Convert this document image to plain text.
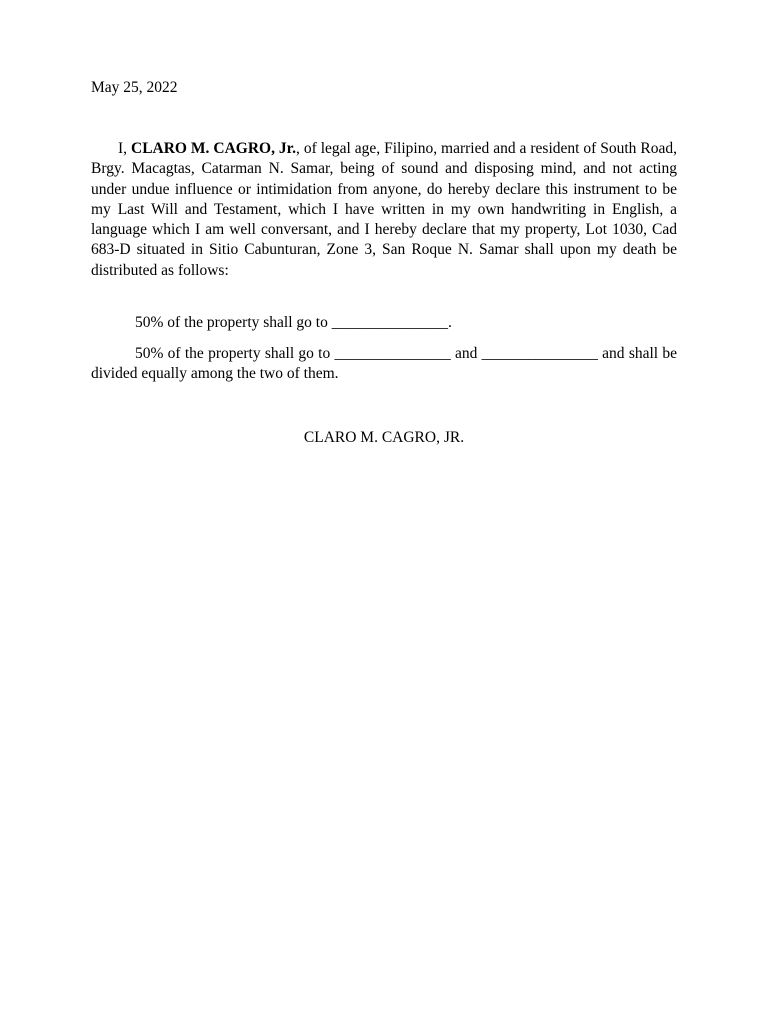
May 25, 2022

I, CLARO M. CAGRO, Jr., of legal age, Filipino, married and a resident of South Road, Brgy. Macagtas, Catarman N. Samar, being of sound and disposing mind, and not acting under undue influence or intimidation from anyone, do hereby declare this instrument to be my Last Will and Testament, which I have written in my own handwriting in English, a language which I am well conversant, and I hereby declare that my property, Lot 1030, Cad 683-D situated in Sitio Cabunturan, Zone 3, San Roque N. Samar shall upon my death be distributed as follows:

50% of the property shall go to _______________.

50% of the property shall go to _______________ and _______________ and shall be divided equally among the two of them.

CLARO M. CAGRO, JR.
